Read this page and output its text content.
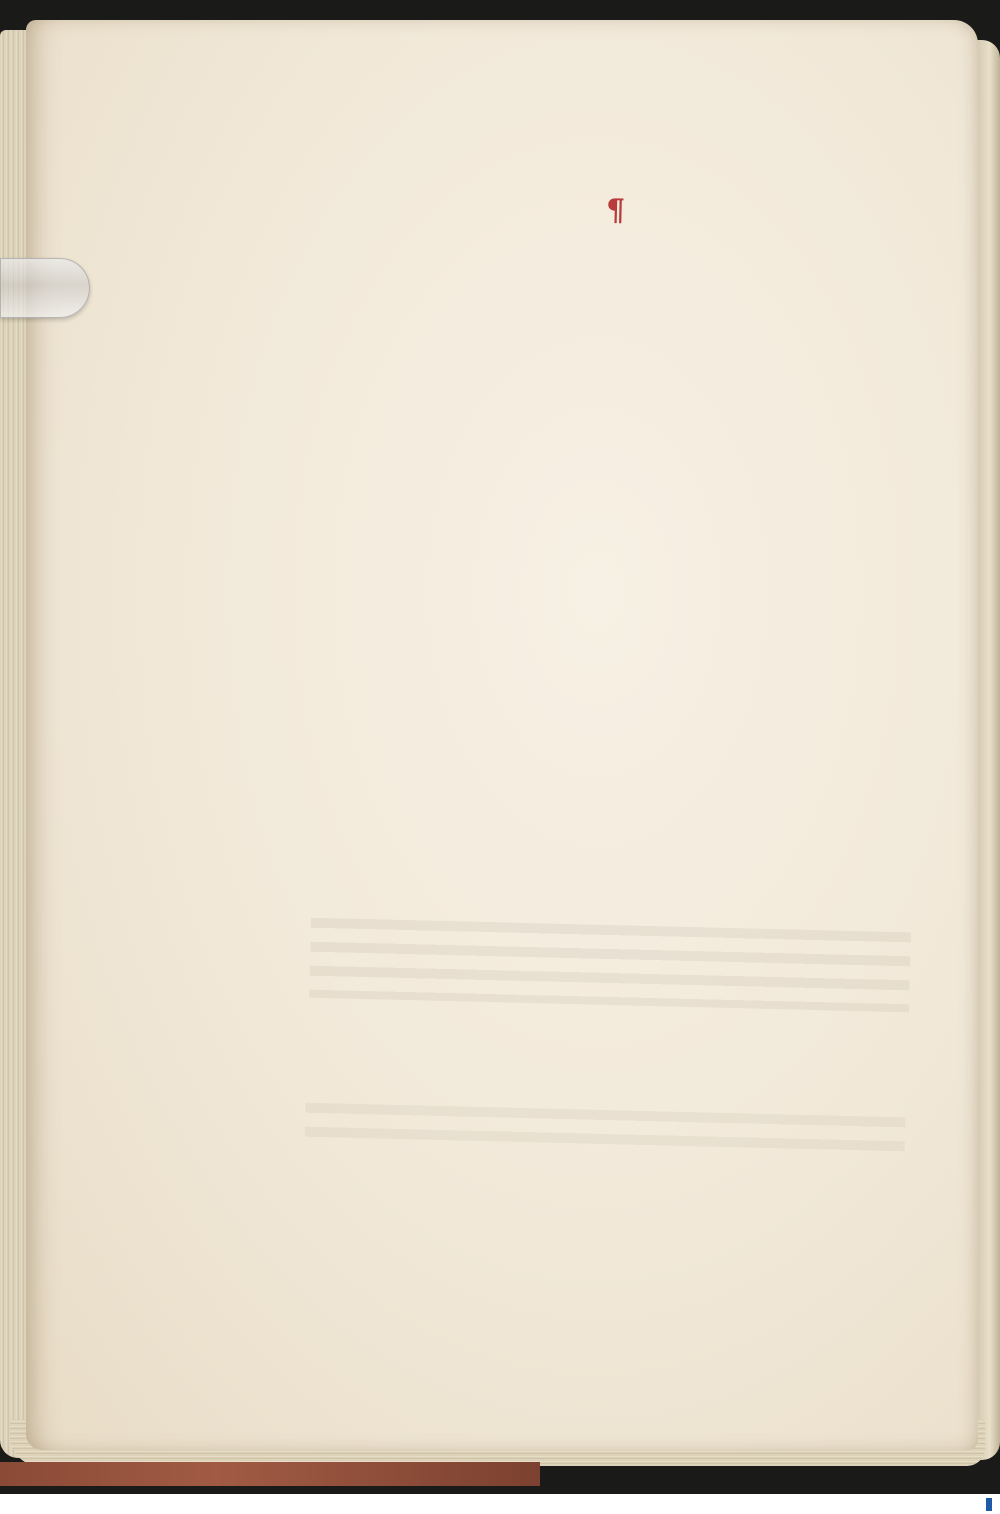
¶
